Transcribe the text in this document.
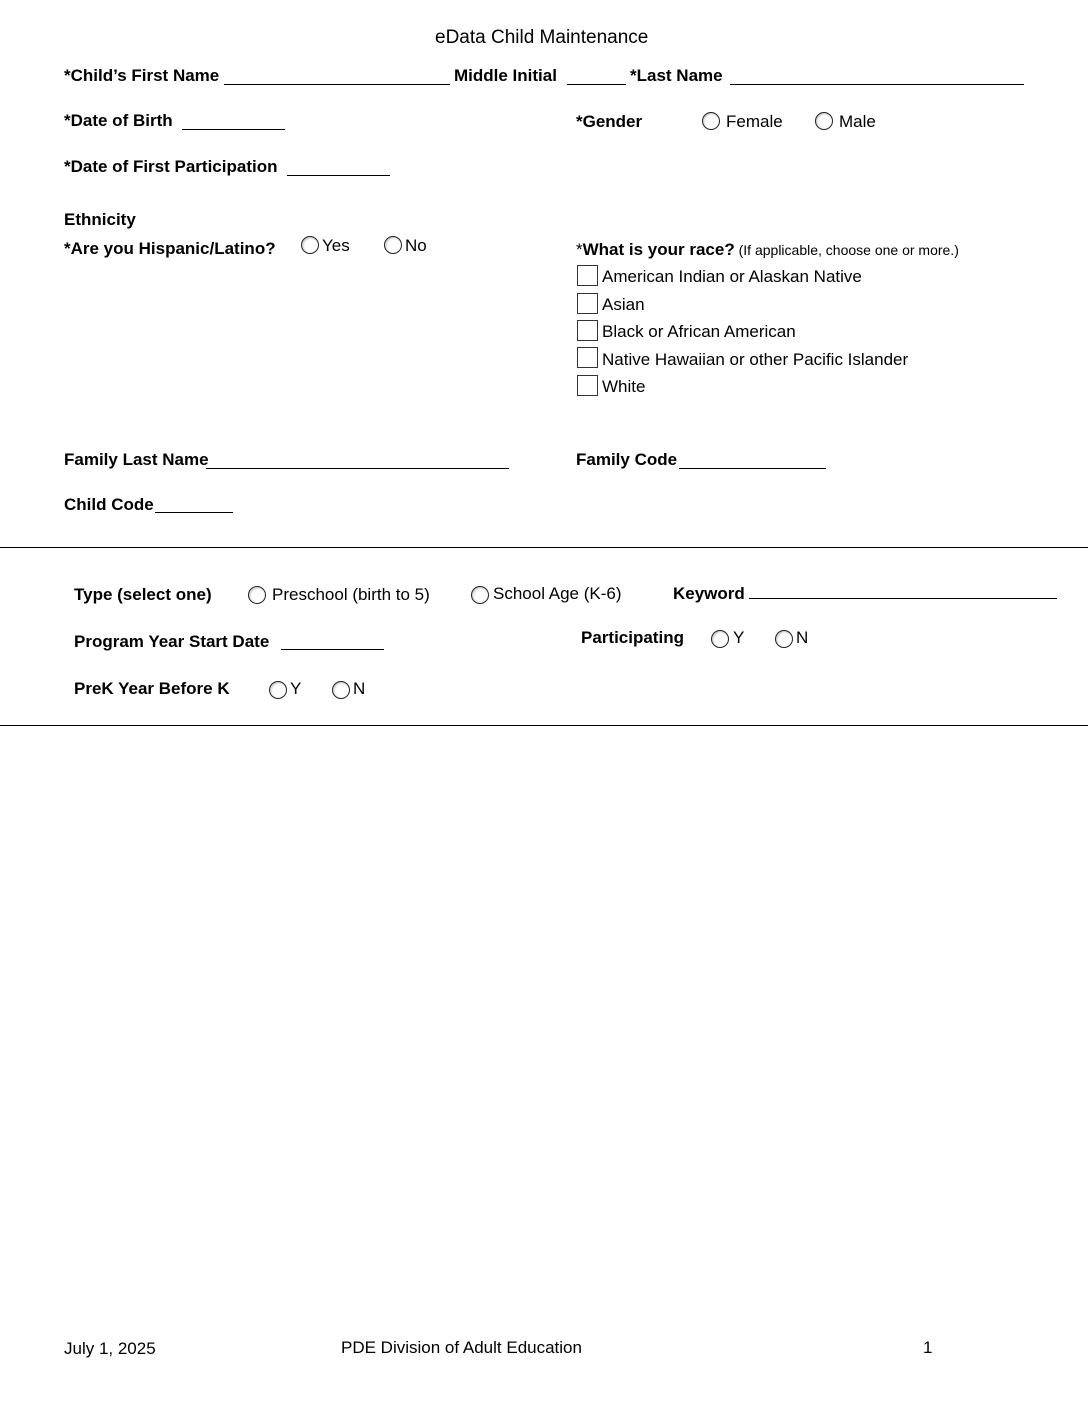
eData Child Maintenance
*Child’s First Name	Middle Initial	*Last Name
*Date of Birth	*Gender	Female	Male
*Date of First Participation
Ethnicity
*Are you Hispanic/Latino?	Yes	No	*What is your race? (If applicable, choose one or more.)
American Indian or Alaskan Native
Asian
Black or African American
Native Hawaiian or other Pacific Islander
White
Family Last Name	Family Code
Child Code
Type (select one)	Preschool (birth to 5)	School Age (K-6)	Keyword
Program Year Start Date	Participating	Y	N
PreK Year Before K	Y	N
July 1, 2025	PDE Division of Adult Education	1
